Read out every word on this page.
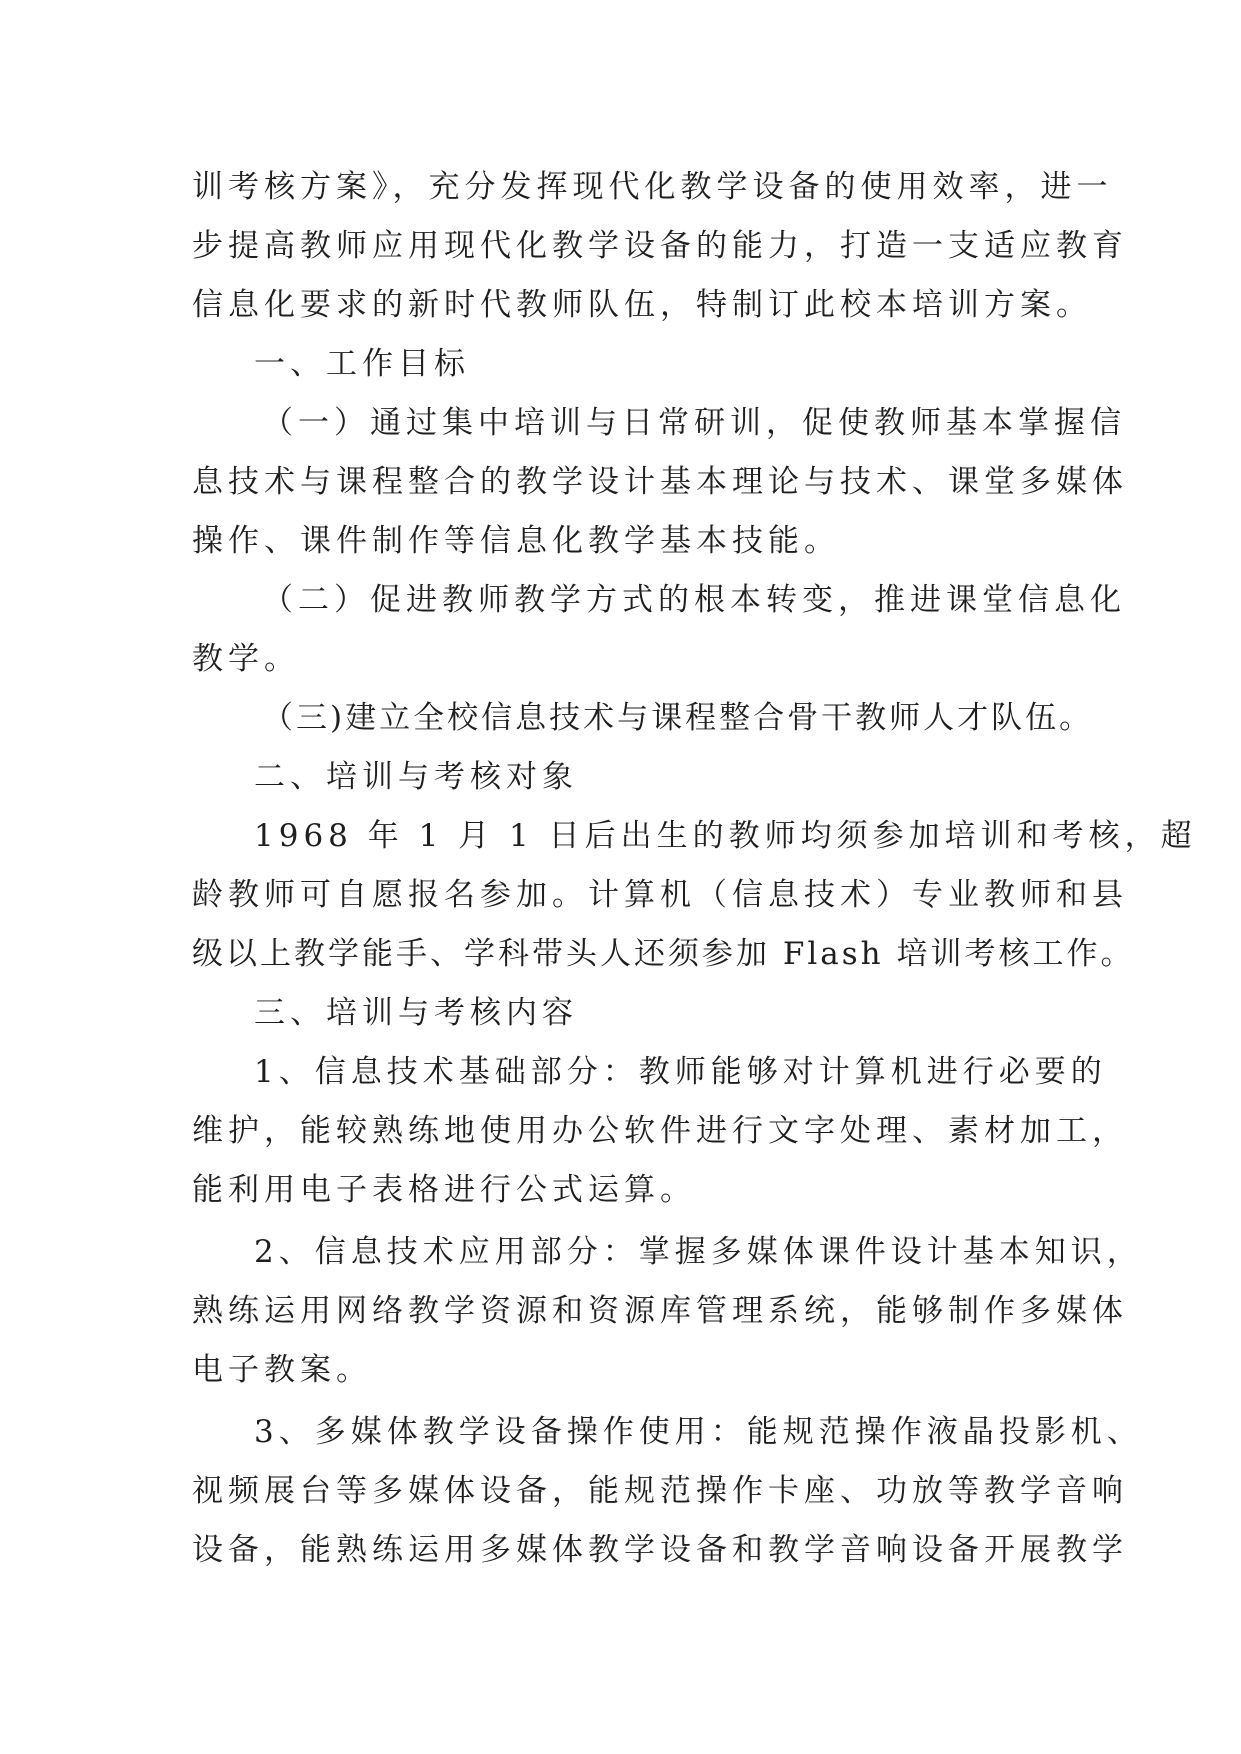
训考核方案》，充分发挥现代化教学设备的使用效率，进一
步提高教师应用现代化教学设备的能力，打造一支适应教育
信息化要求的新时代教师队伍，特制订此校本培训方案。
一、工作目标
（一）通过集中培训与日常研训，促使教师基本掌握信
息技术与课程整合的教学设计基本理论与技术、课堂多媒体
操作、课件制作等信息化教学基本技能。
（二）促进教师教学方式的根本转变，推进课堂信息化
教学。
（三)建立全校信息技术与课程整合骨干教师人才队伍。
二、培训与考核对象
1968 年 1 月 1 日后出生的教师均须参加培训和考核，超
龄教师可自愿报名参加。计算机（信息技术）专业教师和县
级以上教学能手、学科带头人还须参加 Flash 培训考核工作。
三、培训与考核内容
1、信息技术基础部分：教师能够对计算机进行必要的
维护，能较熟练地使用办公软件进行文字处理、素材加工，
能利用电子表格进行公式运算。
2、信息技术应用部分：掌握多媒体课件设计基本知识，
熟练运用网络教学资源和资源库管理系统，能够制作多媒体
电子教案。
3、多媒体教学设备操作使用：能规范操作液晶投影机、
视频展台等多媒体设备，能规范操作卡座、功放等教学音响
设备，能熟练运用多媒体教学设备和教学音响设备开展教学
